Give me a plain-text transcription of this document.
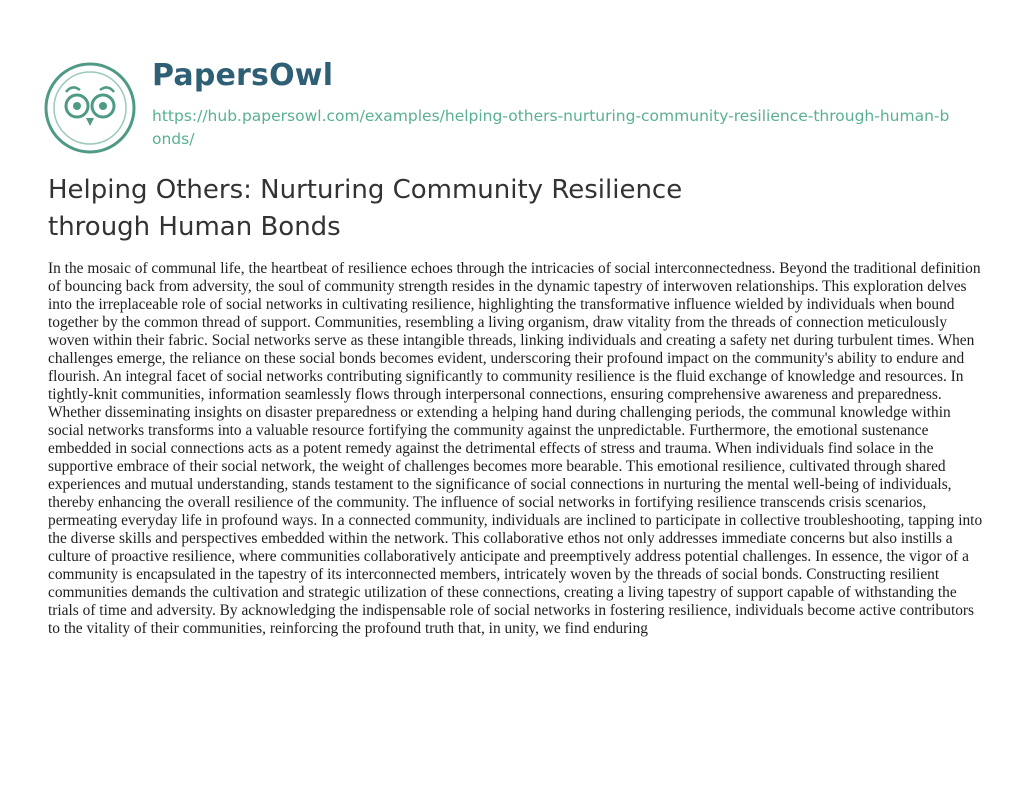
PapersOwl
https://hub.papersowl.com/examples/helping-others-nurturing-community-resilience-through-human-bonds/
Helping Others: Nurturing Community Resilience through Human Bonds

In the mosaic of communal life, the heartbeat of resilience echoes through the intricacies of social interconnectedness. Beyond the traditional definition of bouncing back from adversity, the soul of community strength resides in the dynamic tapestry of interwoven relationships. This exploration delves into the irreplaceable role of social networks in cultivating resilience, highlighting the transformative influence wielded by individuals when bound together by the common thread of support. Communities, resembling a living organism, draw vitality from the threads of connection meticulously woven within their fabric. Social networks serve as these intangible threads, linking individuals and creating a safety net during turbulent times. When challenges emerge, the reliance on these social bonds becomes evident, underscoring their profound impact on the community's ability to endure and flourish. An integral facet of social networks contributing significantly to community resilience is the fluid exchange of knowledge and resources. In tightly-knit communities, information seamlessly flows through interpersonal connections, ensuring comprehensive awareness and preparedness. Whether disseminating insights on disaster preparedness or extending a helping hand during challenging periods, the communal knowledge within social networks transforms into a valuable resource fortifying the community against the unpredictable. Furthermore, the emotional sustenance embedded in social connections acts as a potent remedy against the detrimental effects of stress and trauma. When individuals find solace in the supportive embrace of their social network, the weight of challenges becomes more bearable. This emotional resilience, cultivated through shared experiences and mutual understanding, stands testament to the significance of social connections in nurturing the mental well-being of individuals, thereby enhancing the overall resilience of the community. The influence of social networks in fortifying resilience transcends crisis scenarios, permeating everyday life in profound ways. In a connected community, individuals are inclined to participate in collective troubleshooting, tapping into the diverse skills and perspectives embedded within the network. This collaborative ethos not only addresses immediate concerns but also instills a culture of proactive resilience, where communities collaboratively anticipate and preemptively address potential challenges. In essence, the vigor of a community is encapsulated in the tapestry of its interconnected members, intricately woven by the threads of social bonds. Constructing resilient communities demands the cultivation and strategic utilization of these connections, creating a living tapestry of support capable of withstanding the trials of time and adversity. By acknowledging the indispensable role of social networks in fostering resilience, individuals become active contributors to the vitality of their communities, reinforcing the profound truth that, in unity, we find enduring
